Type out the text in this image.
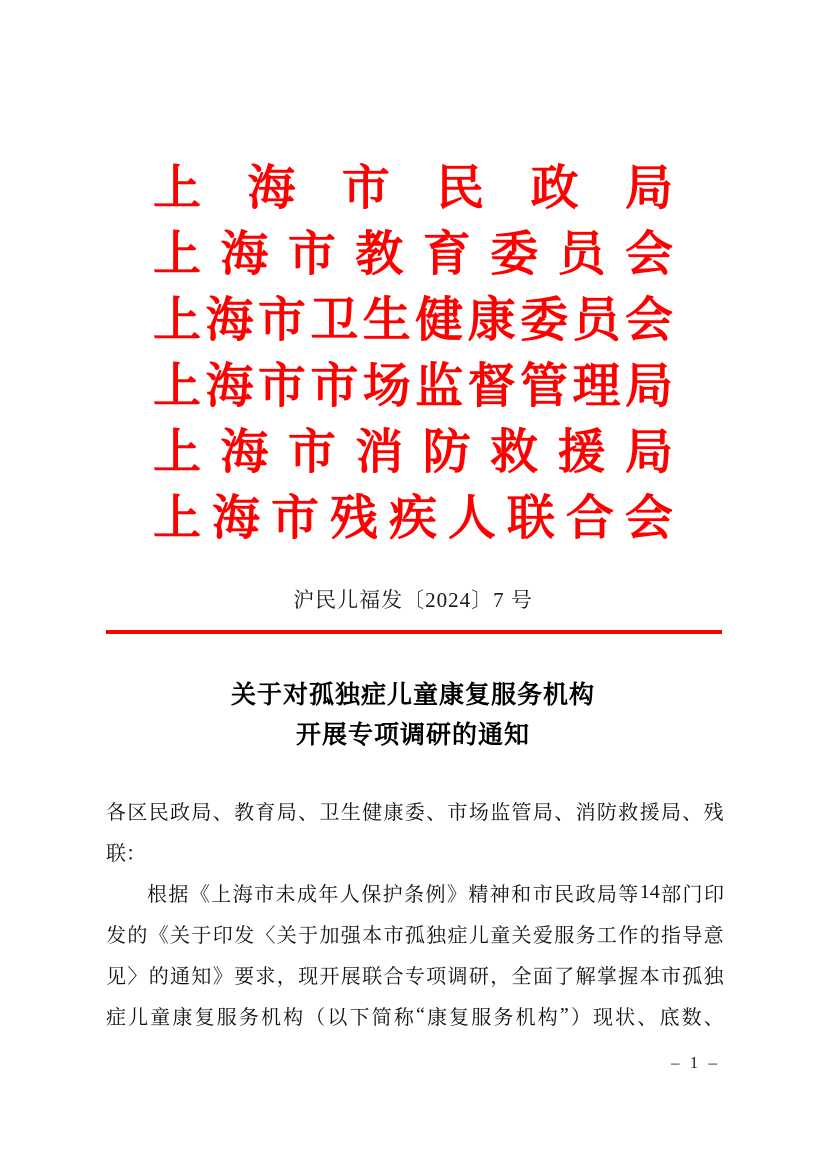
上 海 市 民 政 局
上 海 市 教 育 委 员 会
上 海 市 卫 生 健 康 委 员 会
上 海 市 市 场 监 督 管 理 局
上 海 市 消 防 救 援 局
上 海 市 残 疾 人 联 合 会
沪民儿福发〔2024〕7 号
关于对孤独症儿童康复服务机构
开展专项调研的通知
各 区 民 政 局 、 教 育 局 、 卫 生 健 康 委 、 市 场 监 管 局 、 消 防 救 援 局 、 残
联：
根 据 《 上 海 市 未 成 年 人 保 护 条 例 》 精 神 和 市 民 政 局 等 14 部 门 印
发 的 《 关 于 印 发 〈 关 于 加 强 本 市 孤 独 症 儿 童 关 爱 服 务 工 作 的 指 导 意
见 〉 的 通 知 》 要 求 ， 现 开 展 联 合 专 项 调 研 ， 全 面 了 解 掌 握 本 市 孤 独
症 儿 童 康 复 服 务 机 构 （ 以 下 简 称 “ 康 复 服 务 机 构 ” ） 现 状 、 底 数 、
– 1 –
